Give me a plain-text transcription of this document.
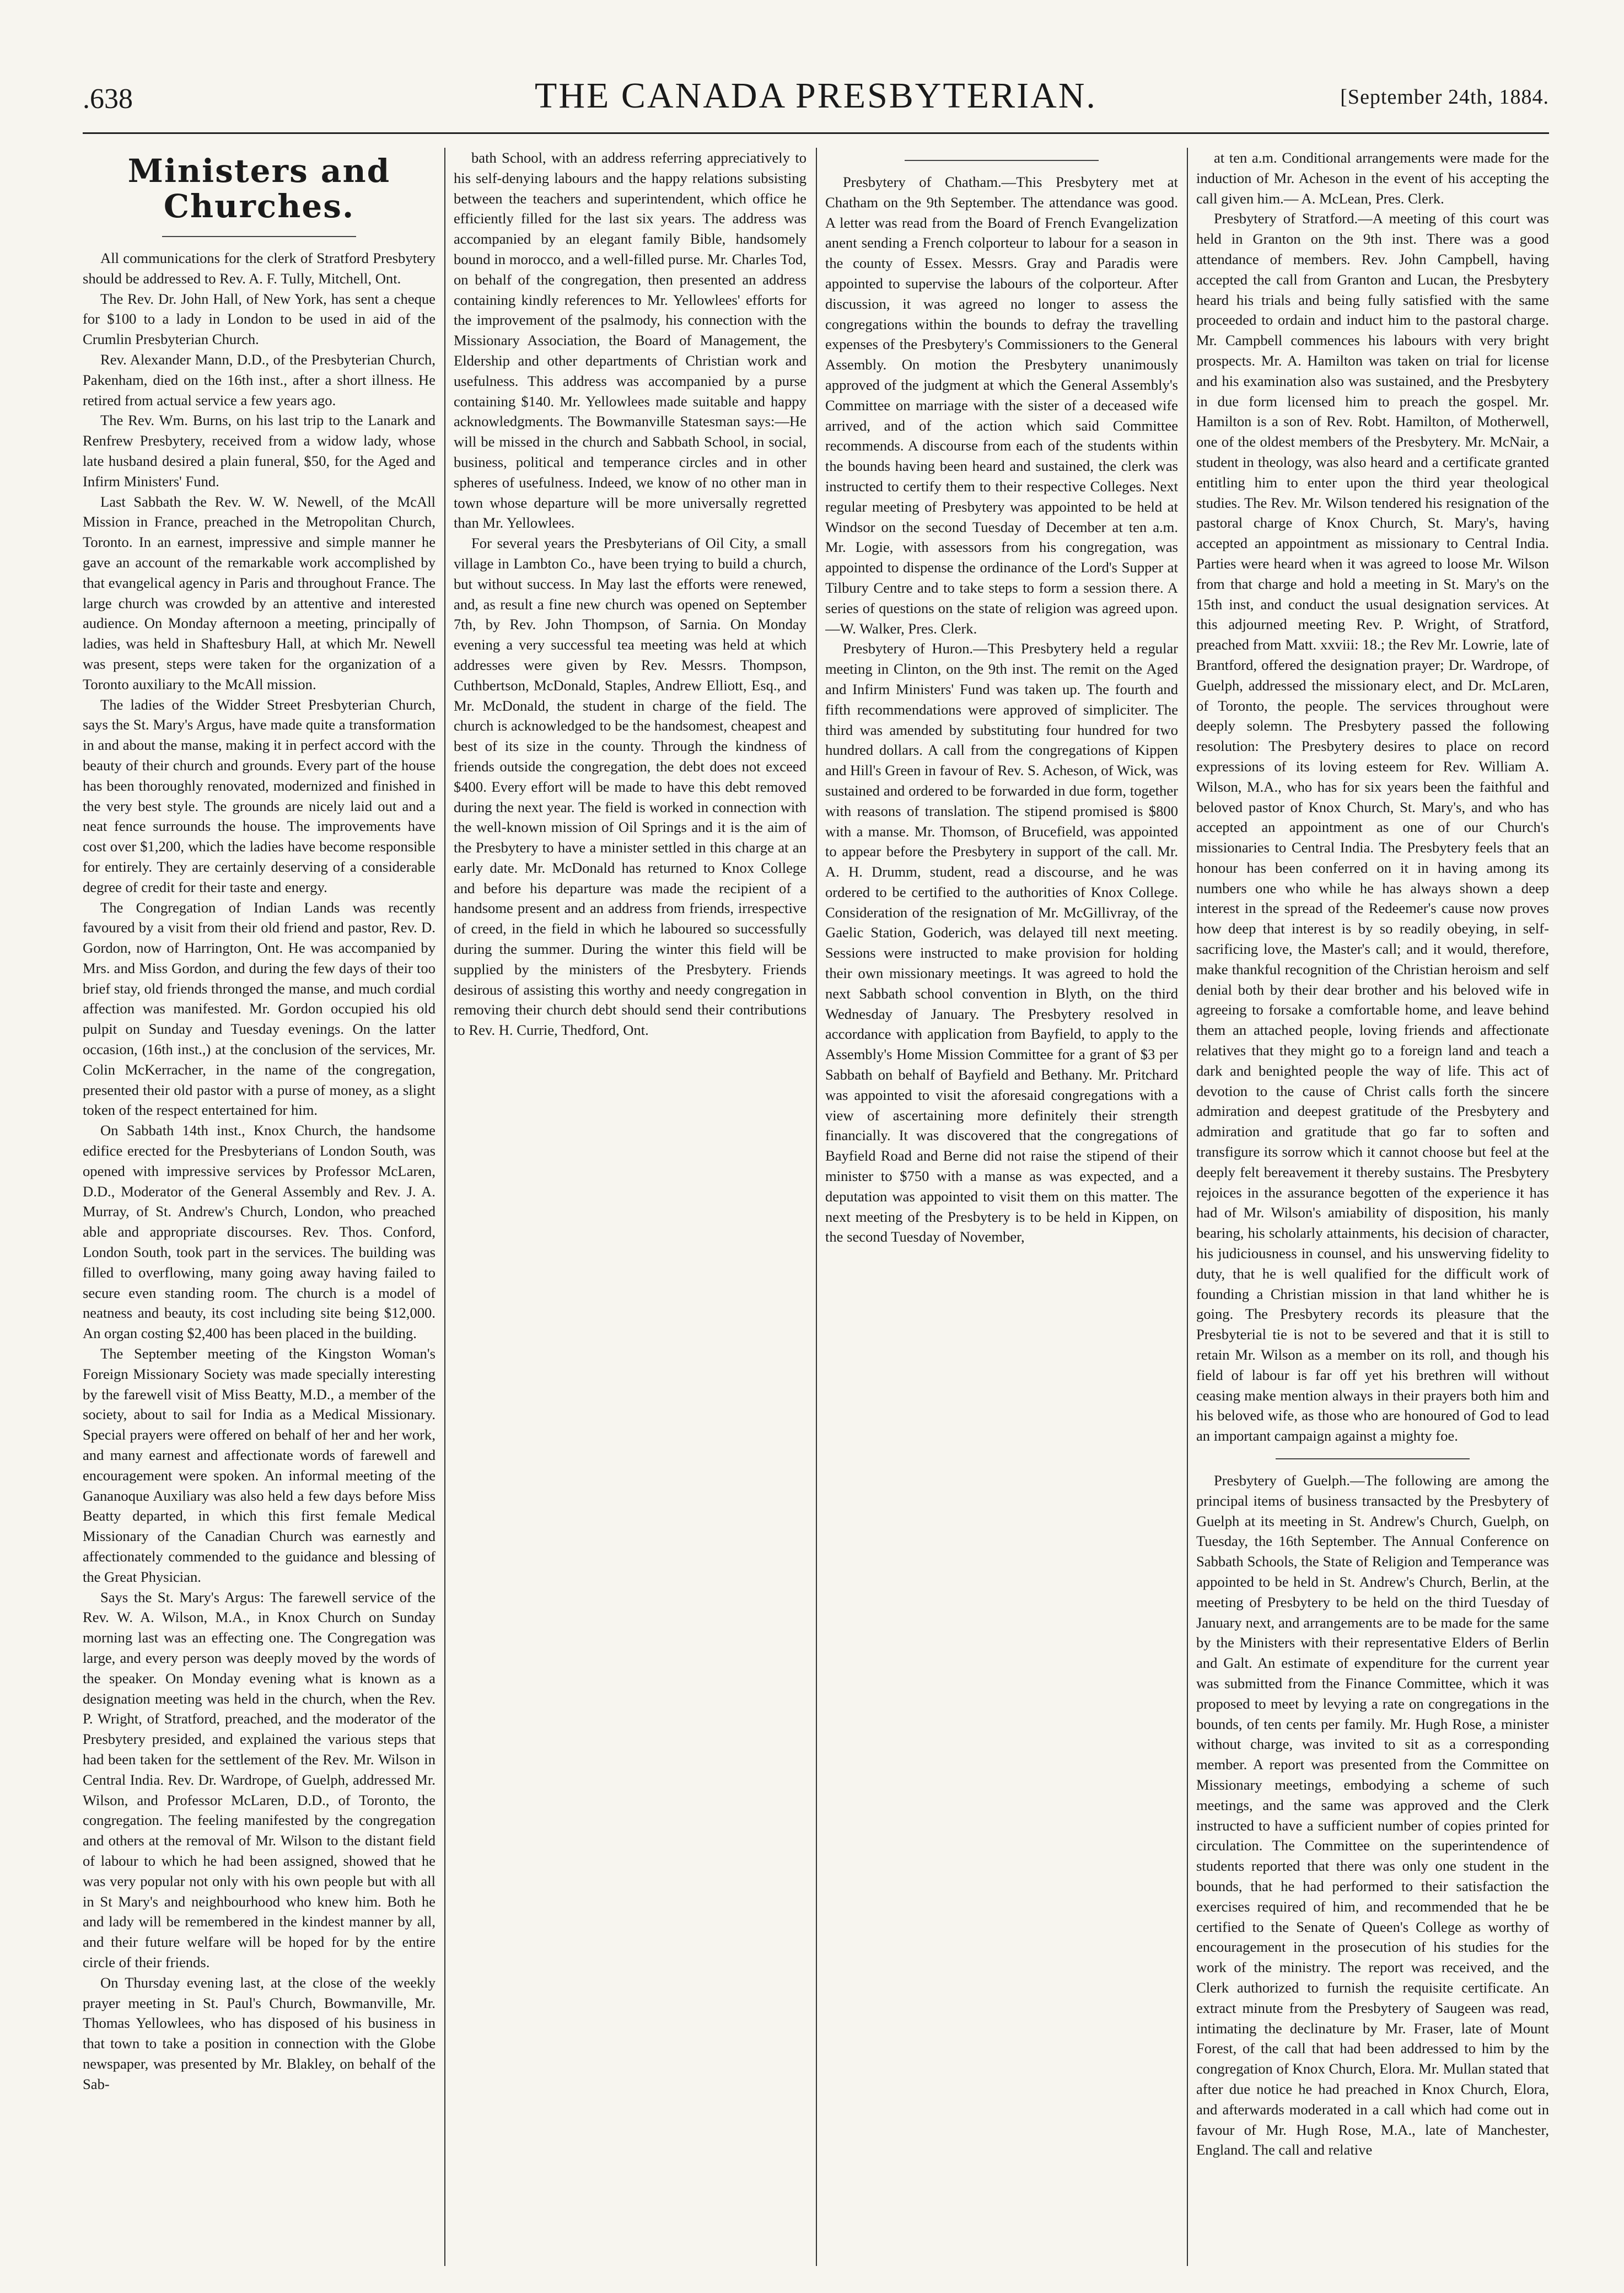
.638	THE CANADA PRESBYTERIAN.	[September 24th, 1884.
Ministers and Churches.

All communications for the clerk of Stratford Presbytery should be addressed to Rev. A. F. Tully, Mitchell, Ont.

The Rev. Dr. John Hall, of New York, has sent a cheque for $100 to a lady in London to be used in aid of the Crumlin Presbyterian Church.

Rev. Alexander Mann, D.D., of the Presbyterian Church, Pakenham, died on the 16th inst., after a short illness. He retired from actual service a few years ago.

The Rev. Wm. Burns, on his last trip to the Lanark and Renfrew Presbytery, received from a widow lady, whose late husband desired a plain funeral, $50, for the Aged and Infirm Ministers' Fund.

Last Sabbath the Rev. W. W. Newell, of the McAll Mission in France, preached in the Metropolitan Church, Toronto. In an earnest, impressive and simple manner he gave an account of the remarkable work accomplished by that evangelical agency in Paris and throughout France. The large church was crowded by an attentive and interested audience. On Monday afternoon a meeting, principally of ladies, was held in Shaftesbury Hall, at which Mr. Newell was present, steps were taken for the organization of a Toronto auxiliary to the McAll mission.

The ladies of the Widder Street Presbyterian Church, says the St. Mary's Argus, have made quite a transformation in and about the manse, making it in perfect accord with the beauty of their church and grounds. Every part of the house has been thoroughly renovated, modernized and finished in the very best style. The grounds are nicely laid out and a neat fence surrounds the house. The improvements have cost over $1,200, which the ladies have become responsible for entirely. They are certainly deserving of a considerable degree of credit for their taste and energy.

The Congregation of Indian Lands was recently favoured by a visit from their old friend and pastor, Rev. D. Gordon, now of Harrington, Ont. He was accompanied by Mrs. and Miss Gordon, and during the few days of their too brief stay, old friends thronged the manse, and much cordial affection was manifested. Mr. Gordon occupied his old pulpit on Sunday and Tuesday evenings. On the latter occasion, (16th inst.,) at the conclusion of the services, Mr. Colin McKerracher, in the name of the congregation, presented their old pastor with a purse of money, as a slight token of the respect entertained for him.

On Sabbath 14th inst., Knox Church, the handsome edifice erected for the Presbyterians of London South, was opened with impressive services by Professor McLaren, D.D., Moderator of the General Assembly and Rev. J. A. Murray, of St. Andrew's Church, London, who preached able and appropriate discourses. Rev. Thos. Conford, London South, took part in the services. The building was filled to overflowing, many going away having failed to secure even standing room. The church is a model of neatness and beauty, its cost including site being $12,000. An organ costing $2,400 has been placed in the building.

The September meeting of the Kingston Woman's Foreign Missionary Society was made specially interesting by the farewell visit of Miss Beatty, M.D., a member of the society, about to sail for India as a Medical Missionary. Special prayers were offered on behalf of her and her work, and many earnest and affectionate words of farewell and encouragement were spoken. An informal meeting of the Gananoque Auxiliary was also held a few days before Miss Beatty departed, in which this first female Medical Missionary of the Canadian Church was earnestly and affectionately commended to the guidance and blessing of the Great Physician.

Says the St. Mary's Argus: The farewell service of the Rev. W. A. Wilson, M.A., in Knox Church on Sunday morning last was an effecting one. The Congregation was large, and every person was deeply moved by the words of the speaker. On Monday evening what is known as a designation meeting was held in the church, when the Rev. P. Wright, of Stratford, preached, and the moderator of the Presbytery presided, and explained the various steps that had been taken for the settlement of the Rev. Mr. Wilson in Central India. Rev. Dr. Wardrope, of Guelph, addressed Mr. Wilson, and Professor McLaren, D.D., of Toronto, the congregation. The feeling manifested by the congregation and others at the removal of Mr. Wilson to the distant field of labour to which he had been assigned, showed that he was very popular not only with his own people but with all in St Mary's and neighbourhood who knew him. Both he and lady will be remembered in the kindest manner by all, and their future welfare will be hoped for by the entire circle of their friends.

On Thursday evening last, at the close of the weekly prayer meeting in St. Paul's Church, Bowmanville, Mr. Thomas Yellowlees, who has disposed of his business in that town to take a position in connection with the Globe newspaper, was presented by Mr. Blakley, on behalf of the Sab-

bath School, with an address referring appreciatively to his self-denying labours and the happy relations subsisting between the teachers and superintendent, which office he efficiently filled for the last six years. The address was accompanied by an elegant family Bible, handsomely bound in morocco, and a well-filled purse. Mr. Charles Tod, on behalf of the congregation, then presented an address containing kindly references to Mr. Yellowlees' efforts for the improvement of the psalmody, his connection with the Missionary Association, the Board of Management, the Eldership and other departments of Christian work and usefulness. This address was accompanied by a purse containing $140. Mr. Yellowlees made suitable and happy acknowledgments. The Bowmanville Statesman says:—He will be missed in the church and Sabbath School, in social, business, political and temperance circles and in other spheres of usefulness. Indeed, we know of no other man in town whose departure will be more universally regretted than Mr. Yellowlees.

For several years the Presbyterians of Oil City, a small village in Lambton Co., have been trying to build a church, but without success. In May last the efforts were renewed, and, as result a fine new church was opened on September 7th, by Rev. John Thompson, of Sarnia. On Monday evening a very successful tea meeting was held at which addresses were given by Rev. Messrs. Thompson, Cuthbertson, McDonald, Staples, Andrew Elliott, Esq., and Mr. McDonald, the student in charge of the field. The church is acknowledged to be the handsomest, cheapest and best of its size in the county. Through the kindness of friends outside the congregation, the debt does not exceed $400. Every effort will be made to have this debt removed during the next year. The field is worked in connection with the well-known mission of Oil Springs and it is the aim of the Presbytery to have a minister settled in this charge at an early date. Mr. McDonald has returned to Knox College and before his departure was made the recipient of a handsome present and an address from friends, irrespective of creed, in the field in which he laboured so successfully during the summer. During the winter this field will be supplied by the ministers of the Presbytery. Friends desirous of assisting this worthy and needy congregation in removing their church debt should send their contributions to Rev. H. Currie, Thedford, Ont.

Presbytery of Chatham.—This Presbytery met at Chatham on the 9th September. The attendance was good. A letter was read from the Board of French Evangelization anent sending a French colporteur to labour for a season in the county of Essex. Messrs. Gray and Paradis were appointed to supervise the labours of the colporteur. After discussion, it was agreed no longer to assess the congregations within the bounds to defray the travelling expenses of the Presbytery's Commissioners to the General Assembly. On motion the Presbytery unanimously approved of the judgment at which the General Assembly's Committee on marriage with the sister of a deceased wife arrived, and of the action which said Committee recommends. A discourse from each of the students within the bounds having been heard and sustained, the clerk was instructed to certify them to their respective Colleges. Next regular meeting of Presbytery was appointed to be held at Windsor on the second Tuesday of December at ten a.m. Mr. Logie, with assessors from his congregation, was appointed to dispense the ordinance of the Lord's Supper at Tilbury Centre and to take steps to form a session there. A series of questions on the state of religion was agreed upon.—W. Walker, Pres. Clerk.

Presbytery of Huron.—This Presbytery held a regular meeting in Clinton, on the 9th inst. The remit on the Aged and Infirm Ministers' Fund was taken up. The fourth and fifth recommendations were approved of simpliciter. The third was amended by substituting four hundred for two hundred dollars. A call from the congregations of Kippen and Hill's Green in favour of Rev. S. Acheson, of Wick, was sustained and ordered to be forwarded in due form, together with reasons of translation. The stipend promised is $800 with a manse. Mr. Thomson, of Brucefield, was appointed to appear before the Presbytery in support of the call. Mr. A. H. Drumm, student, read a discourse, and he was ordered to be certified to the authorities of Knox College. Consideration of the resignation of Mr. McGillivray, of the Gaelic Station, Goderich, was delayed till next meeting. Sessions were instructed to make provision for holding their own missionary meetings. It was agreed to hold the next Sabbath school convention in Blyth, on the third Wednesday of January. The Presbytery resolved in accordance with application from Bayfield, to apply to the Assembly's Home Mission Committee for a grant of $3 per Sabbath on behalf of Bayfield and Bethany. Mr. Pritchard was appointed to visit the aforesaid congregations with a view of ascertaining more definitely their strength financially. It was discovered that the congregations of Bayfield Road and Berne did not raise the stipend of their minister to $750 with a manse as was expected, and a deputation was appointed to visit them on this matter. The next meeting of the Presbytery is to be held in Kippen, on the second Tuesday of November,

at ten a.m. Conditional arrangements were made for the induction of Mr. Acheson in the event of his accepting the call given him.— A. McLean, Pres. Clerk.

Presbytery of Stratford.—A meeting of this court was held in Granton on the 9th inst. There was a good attendance of members. Rev. John Campbell, having accepted the call from Granton and Lucan, the Presbytery heard his trials and being fully satisfied with the same proceeded to ordain and induct him to the pastoral charge. Mr. Campbell commences his labours with very bright prospects. Mr. A. Hamilton was taken on trial for license and his examination also was sustained, and the Presbytery in due form licensed him to preach the gospel. Mr. Hamilton is a son of Rev. Robt. Hamilton, of Motherwell, one of the oldest members of the Presbytery. Mr. McNair, a student in theology, was also heard and a certificate granted entitling him to enter upon the third year theological studies. The Rev. Mr. Wilson tendered his resignation of the pastoral charge of Knox Church, St. Mary's, having accepted an appointment as missionary to Central India. Parties were heard when it was agreed to loose Mr. Wilson from that charge and hold a meeting in St. Mary's on the 15th inst, and conduct the usual designation services. At this adjourned meeting Rev. P. Wright, of Stratford, preached from Matt. xxviii: 18.; the Rev Mr. Lowrie, late of Brantford, offered the designation prayer; Dr. Wardrope, of Guelph, addressed the missionary elect, and Dr. McLaren, of Toronto, the people. The services throughout were deeply solemn. The Presbytery passed the following resolution: The Presbytery desires to place on record expressions of its loving esteem for Rev. William A. Wilson, M.A., who has for six years been the faithful and beloved pastor of Knox Church, St. Mary's, and who has accepted an appointment as one of our Church's missionaries to Central India. The Presbytery feels that an honour has been conferred on it in having among its numbers one who while he has always shown a deep interest in the spread of the Redeemer's cause now proves how deep that interest is by so readily obeying, in self-sacrificing love, the Master's call; and it would, therefore, make thankful recognition of the Christian heroism and self denial both by their dear brother and his beloved wife in agreeing to forsake a comfortable home, and leave behind them an attached people, loving friends and affectionate relatives that they might go to a foreign land and teach a dark and benighted people the way of life. This act of devotion to the cause of Christ calls forth the sincere admiration and deepest gratitude of the Presbytery and admiration and gratitude that go far to soften and transfigure its sorrow which it cannot choose but feel at the deeply felt bereavement it thereby sustains. The Presbytery rejoices in the assurance begotten of the experience it has had of Mr. Wilson's amiability of disposition, his manly bearing, his scholarly attainments, his decision of character, his judiciousness in counsel, and his unswerving fidelity to duty, that he is well qualified for the difficult work of founding a Christian mission in that land whither he is going. The Presbytery records its pleasure that the Presbyterial tie is not to be severed and that it is still to retain Mr. Wilson as a member on its roll, and though his field of labour is far off yet his brethren will without ceasing make mention always in their prayers both him and his beloved wife, as those who are honoured of God to lead an important campaign against a mighty foe.

Presbytery of Guelph.—The following are among the principal items of business transacted by the Presbytery of Guelph at its meeting in St. Andrew's Church, Guelph, on Tuesday, the 16th September. The Annual Conference on Sabbath Schools, the State of Religion and Temperance was appointed to be held in St. Andrew's Church, Berlin, at the meeting of Presbytery to be held on the third Tuesday of January next, and arrangements are to be made for the same by the Ministers with their representative Elders of Berlin and Galt. An estimate of expenditure for the current year was submitted from the Finance Committee, which it was proposed to meet by levying a rate on congregations in the bounds, of ten cents per family. Mr. Hugh Rose, a minister without charge, was invited to sit as a corresponding member. A report was presented from the Committee on Missionary meetings, embodying a scheme of such meetings, and the same was approved and the Clerk instructed to have a sufficient number of copies printed for circulation. The Committee on the superintendence of students reported that there was only one student in the bounds, that he had performed to their satisfaction the exercises required of him, and recommended that he be certified to the Senate of Queen's College as worthy of encouragement in the prosecution of his studies for the work of the ministry. The report was received, and the Clerk authorized to furnish the requisite certificate. An extract minute from the Presbytery of Saugeen was read, intimating the declinature by Mr. Fraser, late of Mount Forest, of the call that had been addressed to him by the congregation of Knox Church, Elora. Mr. Mullan stated that after due notice he had preached in Knox Church, Elora, and afterwards moderated in a call which had come out in favour of Mr. Hugh Rose, M.A., late of Manchester, England. The call and relative
